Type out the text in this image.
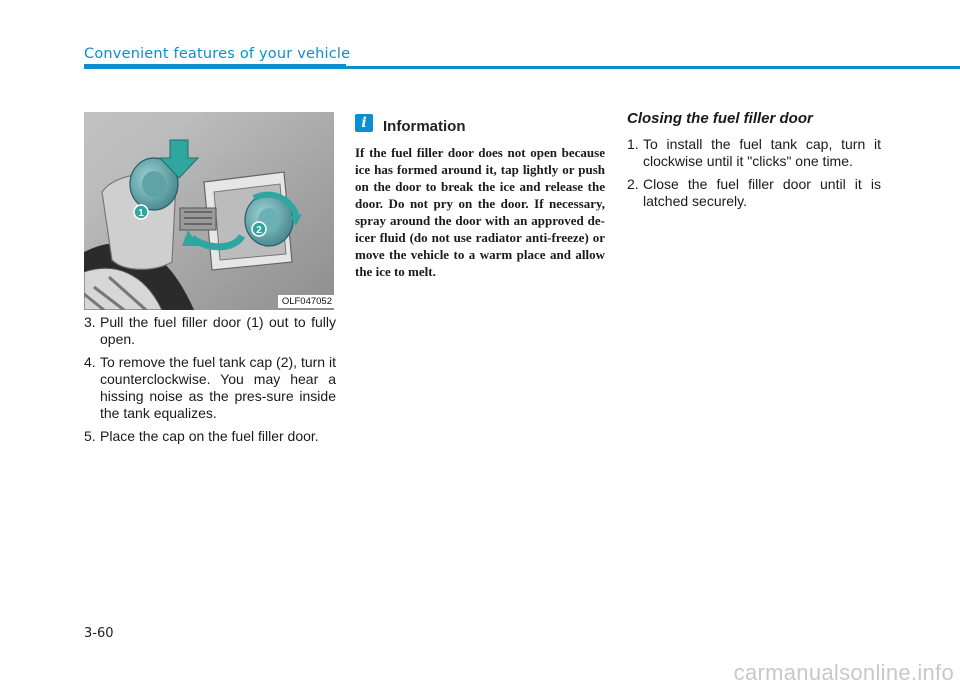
Convenient features of your vehicle
1
2
OLF047052
3. Pull the fuel filler door (1) out to fully open.
4. To remove the fuel tank cap (2), turn it counterclockwise. You may hear a hissing noise as the pres-sure inside the tank equalizes.
5. Place the cap on the fuel filler door.
i	Information

If the fuel filler door does not open because ice has formed around it, tap lightly or push on the door to break the ice and release the door. Do not pry on the door. If necessary, spray around the door with an approved de-icer fluid (do not use radiator anti-freeze) or move the vehicle to a warm place and allow the ice to melt.

Closing the fuel filler door
1. To install the fuel tank cap, turn it clockwise until it "clicks" one time.
2. Close the fuel filler door until it is latched securely.
3-60
carmanualsonline.info
